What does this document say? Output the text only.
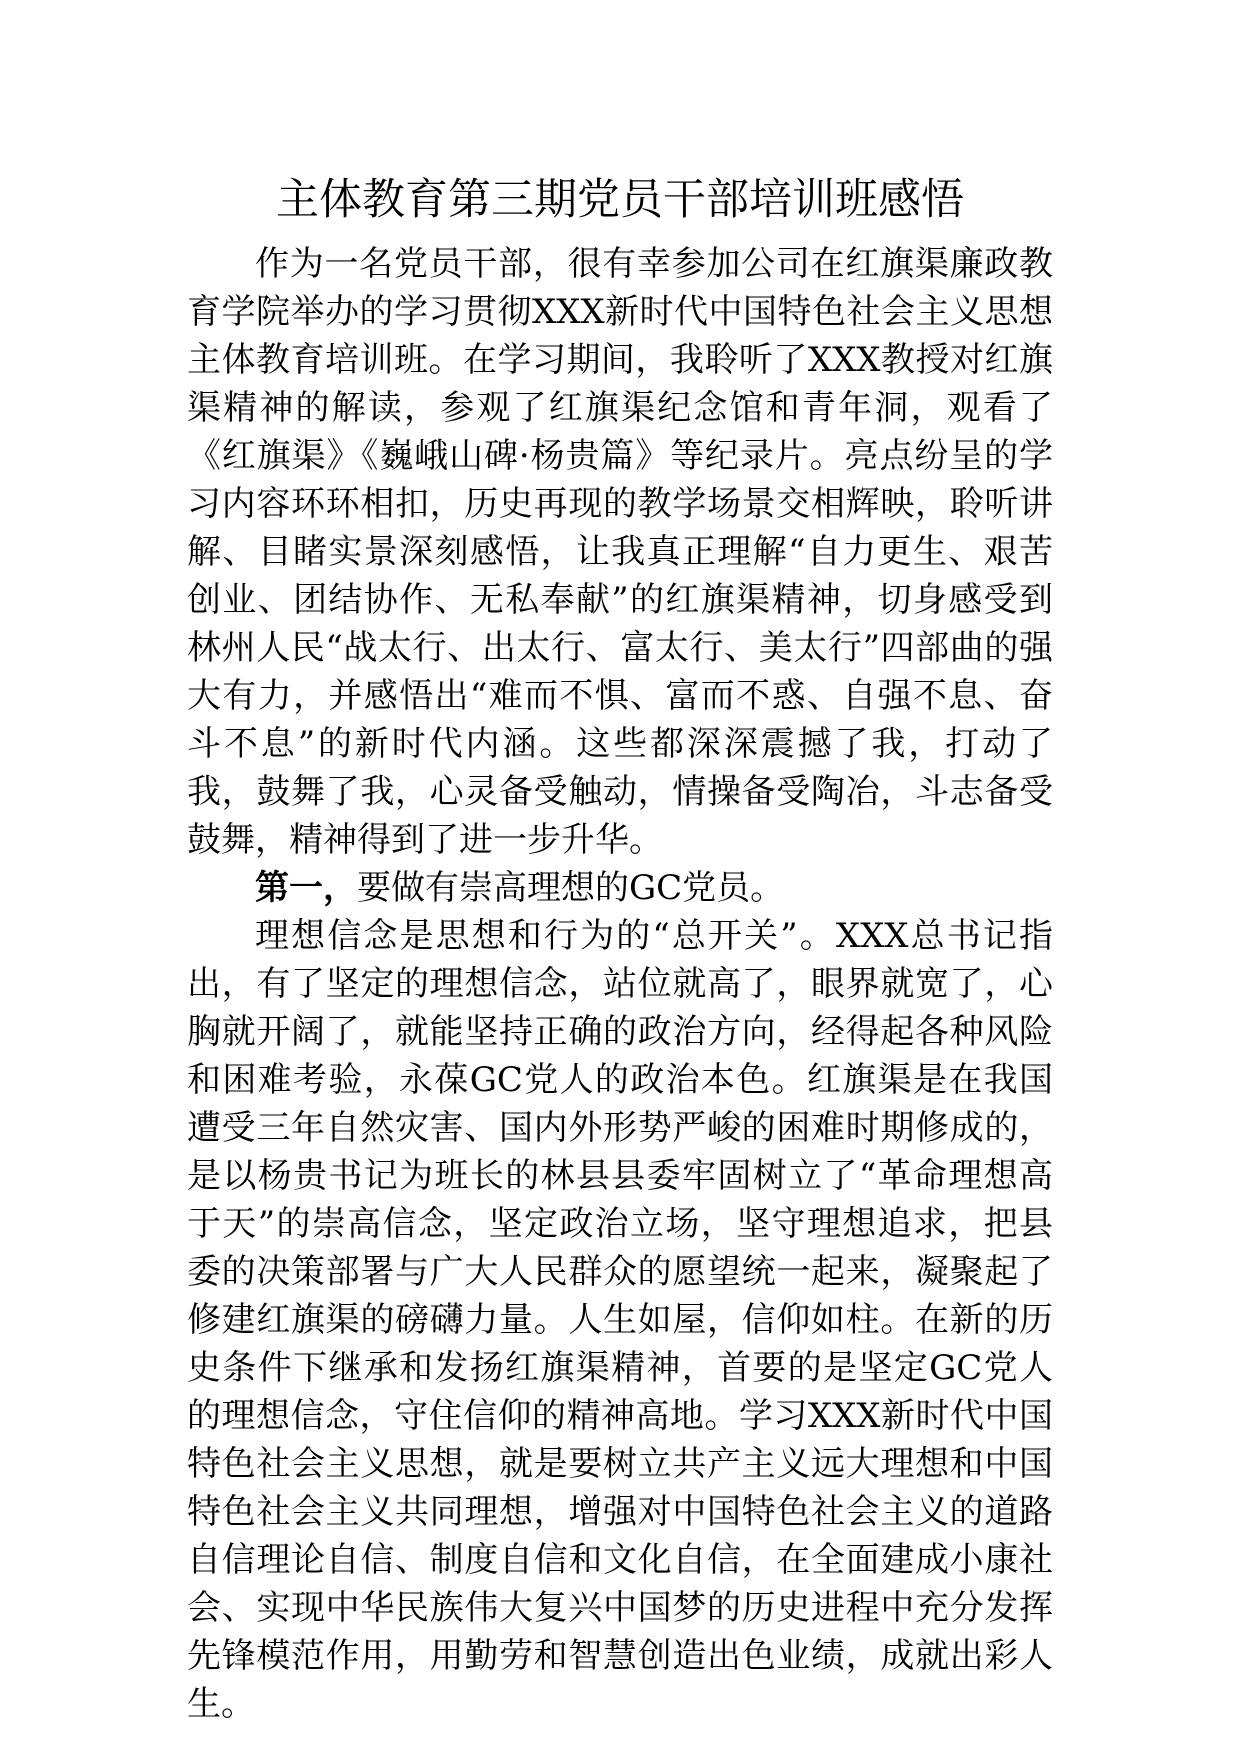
主体教育第三期党员干部培训班感悟

作为一名党员干部，很有幸参加公司在红旗渠廉政教育学院举办的学习贯彻XXX新时代中国特色社会主义思想主体教育培训班。在学习期间，我聆听了XXX教授对红旗渠精神的解读，参观了红旗渠纪念馆和青年洞，观看了《红旗渠》《巍峨山碑·杨贵篇》等纪录片。亮点纷呈的学习内容环环相扣，历史再现的教学场景交相辉映，聆听讲解、目睹实景深刻感悟，让我真正理解“自力更生、艰苦创业、团结协作、无私奉献”的红旗渠精神，切身感受到林州人民“战太行、出太行、富太行、美太行”四部曲的强大有力，并感悟出“难而不惧、富而不惑、自强不息、奋斗不息”的新时代内涵。这些都深深震撼了我，打动了我，鼓舞了我，心灵备受触动，情操备受陶冶，斗志备受鼓舞，精神得到了进一步升华。

第一，要做有崇高理想的GC党员。

理想信念是思想和行为的“总开关”。XXX总书记指出，有了坚定的理想信念，站位就高了，眼界就宽了，心胸就开阔了，就能坚持正确的政治方向，经得起各种风险和困难考验，永葆GC党人的政治本色。红旗渠是在我国遭受三年自然灾害、国内外形势严峻的困难时期修成的，是以杨贵书记为班长的林县县委牢固树立了“革命理想高于天”的崇高信念，坚定政治立场，坚守理想追求，把县委的决策部署与广大人民群众的愿望统一起来，凝聚起了修建红旗渠的磅礴力量。人生如屋，信仰如柱。在新的历史条件下继承和发扬红旗渠精神，首要的是坚定GC党人的理想信念，守住信仰的精神高地。学习XXX新时代中国特色社会主义思想，就是要树立共产主义远大理想和中国特色社会主义共同理想，增强对中国特色社会主义的道路自信理论自信、制度自信和文化自信，在全面建成小康社会、实现中华民族伟大复兴中国梦的历史进程中充分发挥先锋模范作用，用勤劳和智慧创造出色业绩，成就出彩人生。
